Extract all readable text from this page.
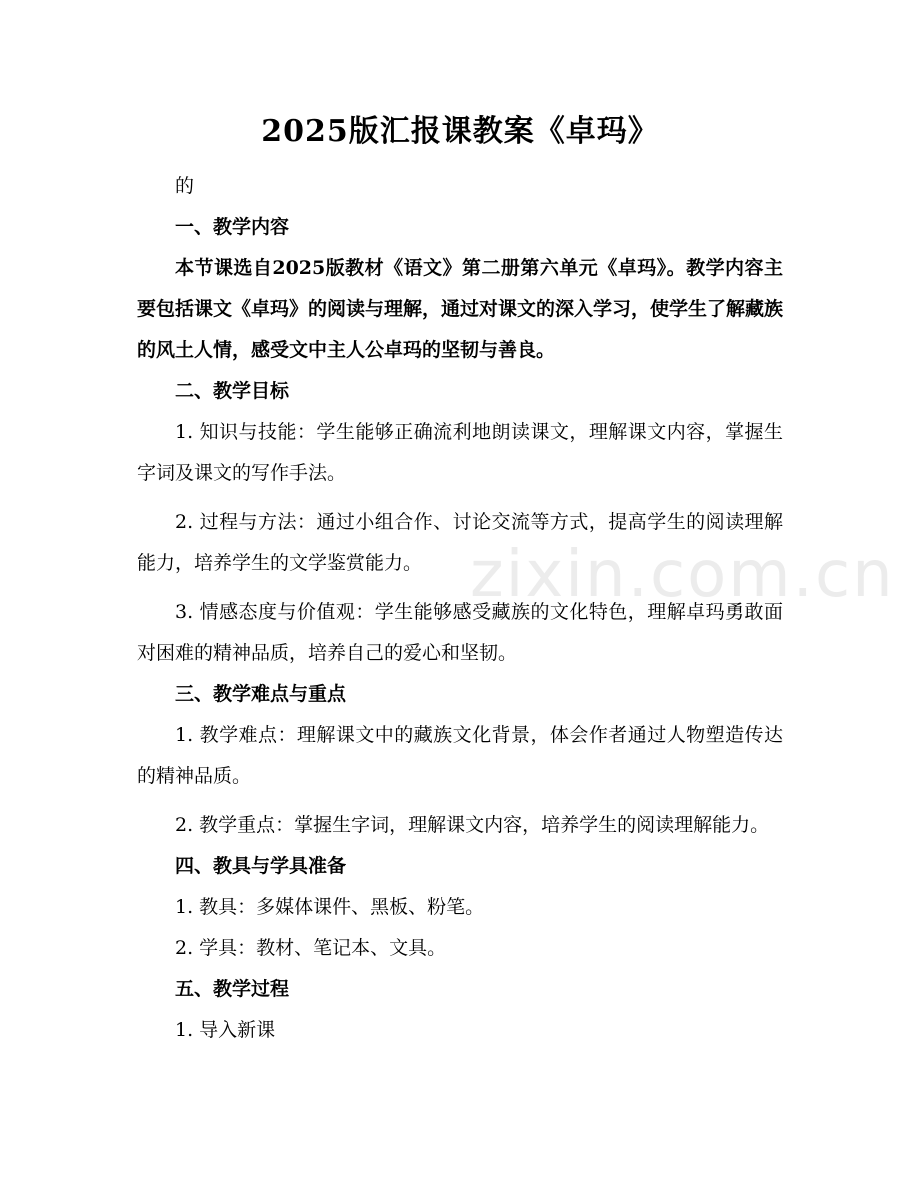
zixin.com.cn
2025版汇报课教案《卓玛》

的

一、教学内容

本节课选自2025版教材《语文》第二册第六单元《卓玛》。教学内容主要包括课文《卓玛》的阅读与理解，通过对课文的深入学习，使学生了解藏族的风土人情，感受文中主人公卓玛的坚韧与善良。

二、教学目标

1. 知识与技能：学生能够正确流利地朗读课文，理解课文内容，掌握生字词及课文的写作手法。

2. 过程与方法：通过小组合作、讨论交流等方式，提高学生的阅读理解能力，培养学生的文学鉴赏能力。

3. 情感态度与价值观：学生能够感受藏族的文化特色，理解卓玛勇敢面对困难的精神品质，培养自己的爱心和坚韧。

三、教学难点与重点

1. 教学难点：理解课文中的藏族文化背景，体会作者通过人物塑造传达的精神品质。

2. 教学重点：掌握生字词，理解课文内容，培养学生的阅读理解能力。

四、教具与学具准备

1. 教具：多媒体课件、黑板、粉笔。

2. 学具：教材、笔记本、文具。

五、教学过程

1. 导入新课
